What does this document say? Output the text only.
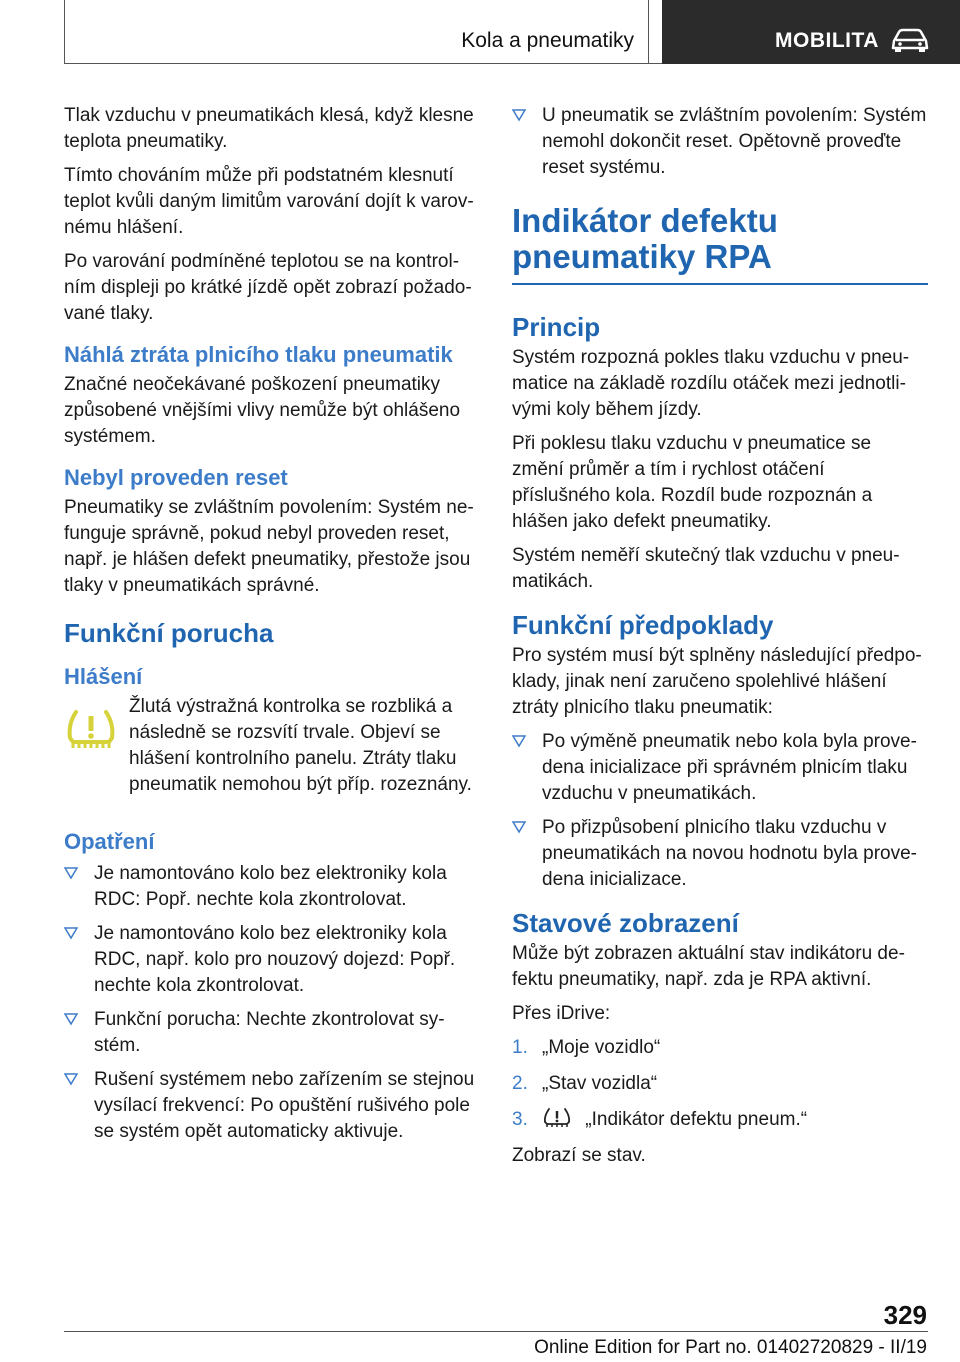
Kola a pneumatiky	MOBILITA

Tlak vzduchu v pneumatikách klesá, když klesne teplota pneumatiky.

Tímto chováním může při podstatném klesnutí teplot kvůli daným limitům varování dojít k varovnému hlášení.

Po varování podmíněné teplotou se na kontrolním displeji po krátké jízdě opět zobrazí požadované tlaky.

Náhlá ztráta plnicího tlaku pneumatik

Značné neočekávané poškození pneumatiky způsobené vnějšími vlivy nemůže být ohlášeno systémem.

Nebyl proveden reset

Pneumatiky se zvláštním povolením: Systém nefunguje správně, pokud nebyl proveden reset, např. je hlášen defekt pneumatiky, přestože jsou tlaky v pneumatikách správné.

Funkční porucha
Hlášení

Žlutá výstražná kontrolka se rozbliká a následně se rozsvítí trvale. Objeví se hlášení kontrolního panelu. Ztráty tlaku pneumatik nemohou být příp. rozeznány.

Opatření
Je namontováno kolo bez elektroniky kola RDC: Popř. nechte kola zkontrolovat.
Je namontováno kolo bez elektroniky kola RDC, např. kolo pro nouzový dojezd: Popř. nechte kola zkontrolovat.
Funkční porucha: Nechte zkontrolovat systém.
Rušení systémem nebo zařízením se stejnou vysílací frekvencí: Po opuštění rušivého pole se systém opět automaticky aktivuje.
U pneumatik se zvláštním povolením: Systém nemohl dokončit reset. Opětovně proveďte reset systému.
Indikátor defektu pneumatiky RPA
Princip

Systém rozpozná pokles tlaku vzduchu v pneumatice na základě rozdílu otáček mezi jednotlivými koly během jízdy.

Při poklesu tlaku vzduchu v pneumatice se změní průměr a tím i rychlost otáčení příslušného kola. Rozdíl bude rozpoznán a hlášen jako defekt pneumatiky.

Systém neměří skutečný tlak vzduchu v pneumatikách.

Funkční předpoklady

Pro systém musí být splněny následující předpoklady, jinak není zaručeno spolehlivé hlášení ztráty plnicího tlaku pneumatik:

Po výměně pneumatik nebo kola byla provedena inicializace při správném plnicím tlaku vzduchu v pneumatikách.
Po přizpůsobení plnicího tlaku vzduchu v pneumatikách na novou hodnotu byla provedena inicializace.
Stavové zobrazení

Může být zobrazen aktuální stav indikátoru defektu pneumatiky, např. zda je RPA aktivní.

Přes iDrive:

1. „Moje vozidlo“
2. „Stav vozidla“
3.	„Indikátor defektu pneum.“

Zobrazí se stav.

329
Online Edition for Part no. 01402720829 - II/19
